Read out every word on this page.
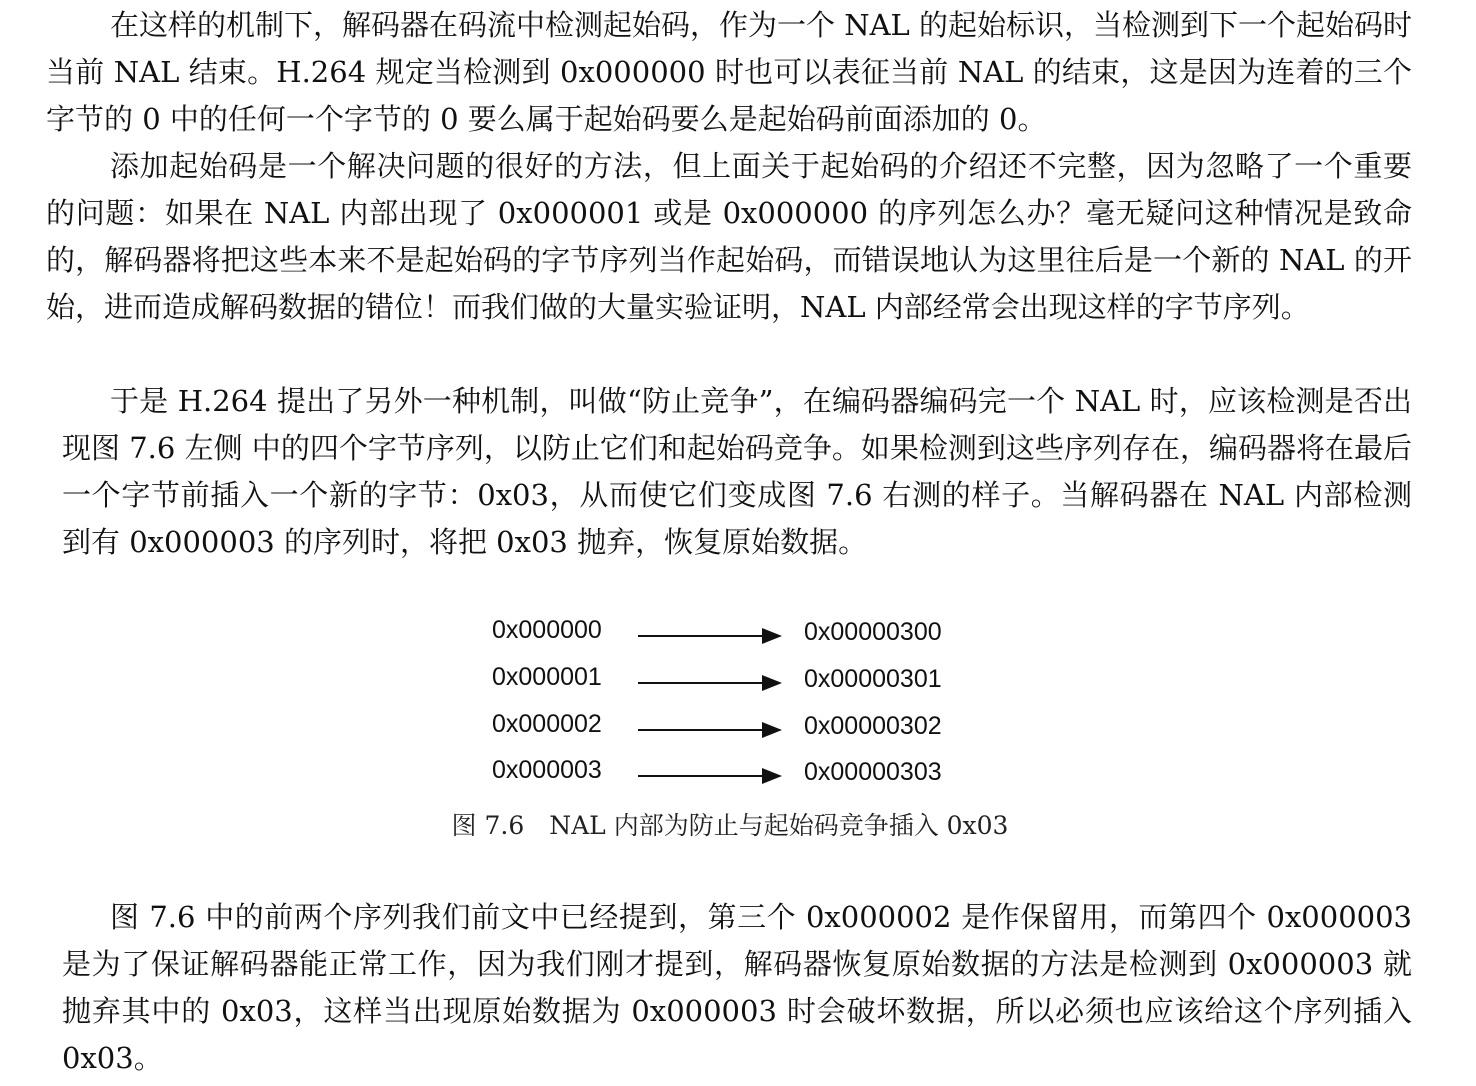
在这样的机制下，解码器在码流中检测起始码，作为一个 NAL 的起始标识，当检测到下一个起始码时当前 NAL 结束。H.264 规定当检测到 0x000000 时也可以表征当前 NAL 的结束，这是因为连着的三个字节的 0 中的任何一个字节的 0 要么属于起始码要么是起始码前面添加的 0。

添加起始码是一个解决问题的很好的方法，但上面关于起始码的介绍还不完整，因为忽略了一个重要的问题：如果在 NAL 内部出现了 0x000001 或是 0x000000 的序列怎么办？毫无疑问这种情况是致命的，解码器将把这些本来不是起始码的字节序列当作起始码，而错误地认为这里往后是一个新的 NAL 的开始，进而造成解码数据的错位！而我们做的大量实验证明，NAL 内部经常会出现这样的字节序列。

于是 H.264 提出了另外一种机制，叫做“防止竞争”，在编码器编码完一个 NAL 时，应该检测是否出现图 7.6 左侧 中的四个字节序列，以防止它们和起始码竞争。如果检测到这些序列存在，编码器将在最后一个字节前插入一个新的字节：0x03，从而使它们变成图 7.6 右测的样子。当解码器在 NAL 内部检测到有 0x000003 的序列时，将把 0x03 抛弃，恢复原始数据。

0x000000	0x00000300
0x000001	0x00000301
0x000002	0x00000302
0x000003	0x00000303
图 7.6　NAL 内部为防止与起始码竞争插入 0x03

图 7.6 中的前两个序列我们前文中已经提到，第三个 0x000002 是作保留用，而第四个 0x000003 是为了保证解码器能正常工作，因为我们刚才提到，解码器恢复原始数据的方法是检测到 0x000003 就抛弃其中的 0x03，这样当出现原始数据为 0x000003 时会破坏数据，所以必须也应该给这个序列插入 0x03。
